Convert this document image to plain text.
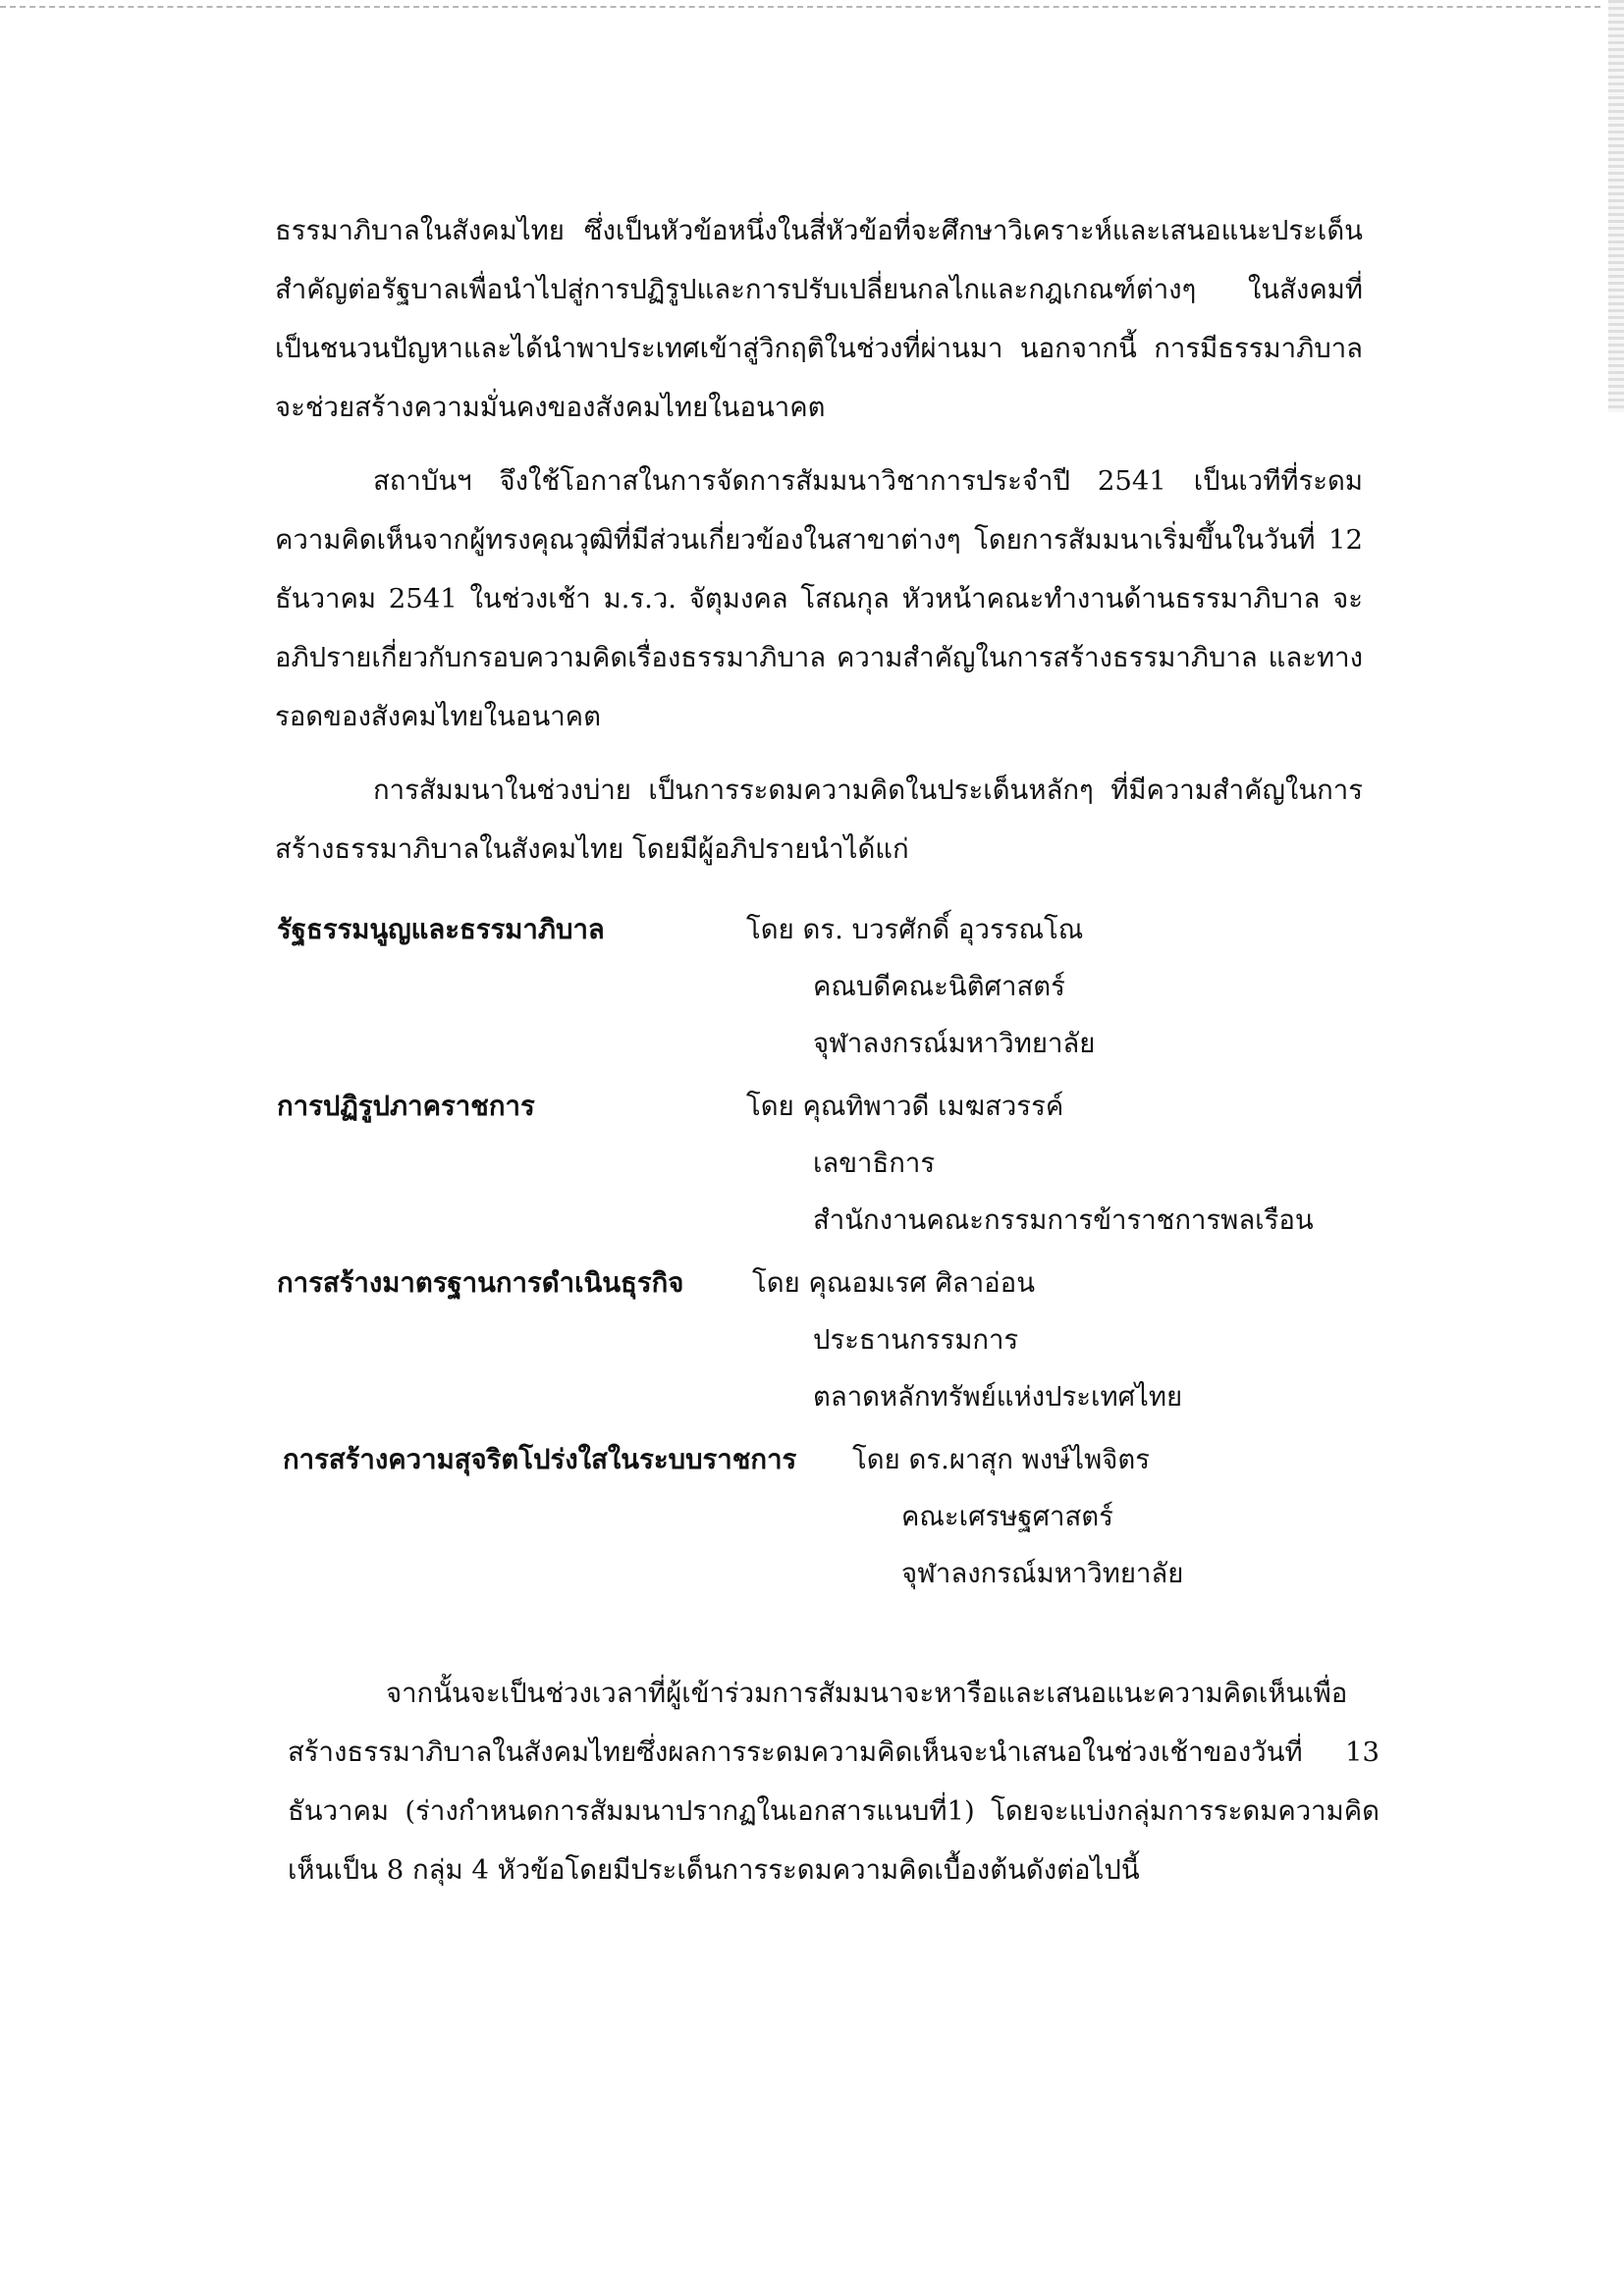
ธรรมาภิบาลในสังคมไทย ซึ่งเป็นหัวข้อหนึ่งในสี่หัวข้อที่จะศึกษาวิเคราะห์และเสนอแนะประเด็นสำคัญต่อรัฐบาลเพื่อนำไปสู่การปฏิรูปและการปรับเปลี่ยนกลไกและกฎเกณฑ์ต่างๆ ในสังคมที่เป็นชนวนปัญหาและได้นำพาประเทศเข้าสู่วิกฤติในช่วงที่ผ่านมา นอกจากนี้ การมีธรรมาภิบาลจะช่วยสร้างความมั่นคงของสังคมไทยในอนาคต

สถาบันฯ จึงใช้โอกาสในการจัดการสัมมนาวิชาการประจำปี 2541 เป็นเวทีที่ระดมความคิดเห็นจากผู้ทรงคุณวุฒิที่มีส่วนเกี่ยวข้องในสาขาต่างๆ โดยการสัมมนาเริ่มขึ้นในวันที่ 12 ธันวาคม 2541 ในช่วงเช้า ม.ร.ว. จัตุมงคล โสณกุล หัวหน้าคณะทำงานด้านธรรมาภิบาล จะอภิปรายเกี่ยวกับกรอบความคิดเรื่องธรรมาภิบาล ความสำคัญในการสร้างธรรมาภิบาล และทางรอดของสังคมไทยในอนาคต

การสัมมนาในช่วงบ่าย เป็นการระดมความคิดในประเด็นหลักๆ ที่มีความสำคัญในการสร้างธรรมาภิบาลในสังคมไทย โดยมีผู้อภิปรายนำได้แก่

รัฐธรรมนูญและธรรมาภิบาล	โดย ดร. บวรศักดิ์ อุวรรณโณ
คณบดีคณะนิติศาสตร์
จุฬาลงกรณ์มหาวิทยาลัย
การปฏิรูปภาคราชการ	โดย คุณทิพาวดี เมฆสวรรค์
เลขาธิการ
สำนักงานคณะกรรมการข้าราชการพลเรือน
การสร้างมาตรฐานการดำเนินธุรกิจ	โดย คุณอมเรศ ศิลาอ่อน
ประธานกรรมการ
ตลาดหลักทรัพย์แห่งประเทศไทย
การสร้างความสุจริตโปร่งใสในระบบราชการ โดย ดร.ผาสุก พงษ์ไพจิตร
คณะเศรษฐศาสตร์
จุฬาลงกรณ์มหาวิทยาลัย

จากนั้นจะเป็นช่วงเวลาที่ผู้เข้าร่วมการสัมมนาจะหารือและเสนอแนะความคิดเห็นเพื่อสร้างธรรมาภิบาลในสังคมไทยซึ่งผลการระดมความคิดเห็นจะนำเสนอในช่วงเช้าของวันที่ 13 ธันวาคม (ร่างกำหนดการสัมมนาปรากฏในเอกสารแนบที่1) โดยจะแบ่งกลุ่มการระดมความคิดเห็นเป็น 8 กลุ่ม 4 หัวข้อโดยมีประเด็นการระดมความคิดเบื้องต้นดังต่อไปนี้
